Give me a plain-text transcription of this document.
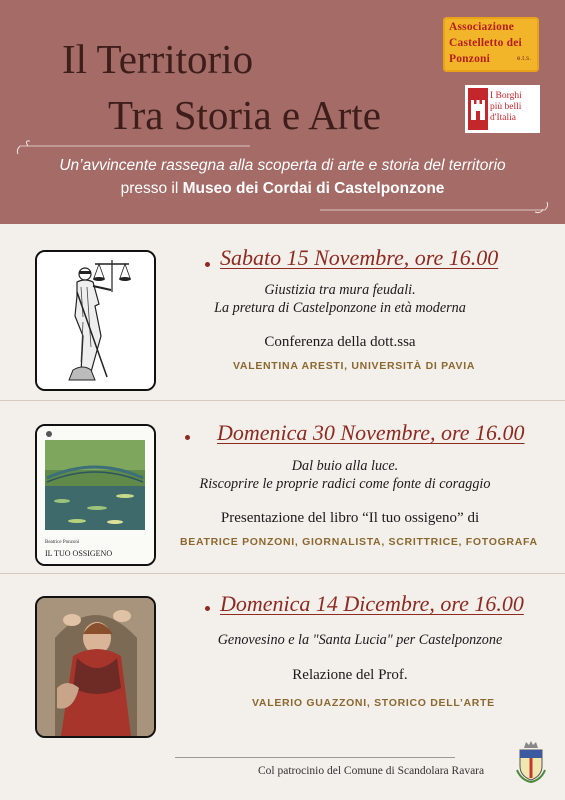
Il Territorio
Tra Storia e Arte
Associazione
Castelletto dei
Ponzoni	e.t.s.
I Borghi
più belli
d'Italia
Un’avvincente rassegna alla scoperta di arte e storia del territorio
presso il Museo dei Cordai di Castelponzone
Sabato 15 Novembre, ore 16.00
Giustizia tra mura feudali.
La pretura di Castelponzone in età moderna
Conferenza della dott.ssa
VALENTINA ARESTI, UNIVERSITÀ DI PAVIA
Beatrice Ponzoni
IL TUO OSSIGENO
Domenica 30 Novembre, ore 16.00
Dal buio alla luce.
Riscoprire le proprie radici come fonte di coraggio
Presentazione del libro “Il tuo ossigeno” di
BEATRICE PONZONI, GIORNALISTA, SCRITTRICE, FOTOGRAFA
Domenica 14 Dicembre, ore 16.00
Genovesino e la "Santa Lucia" per Castelponzone
Relazione del Prof.
VALERIO GUAZZONI, STORICO DELL’ARTE
Col patrocinio del Comune di Scandolara Ravara
